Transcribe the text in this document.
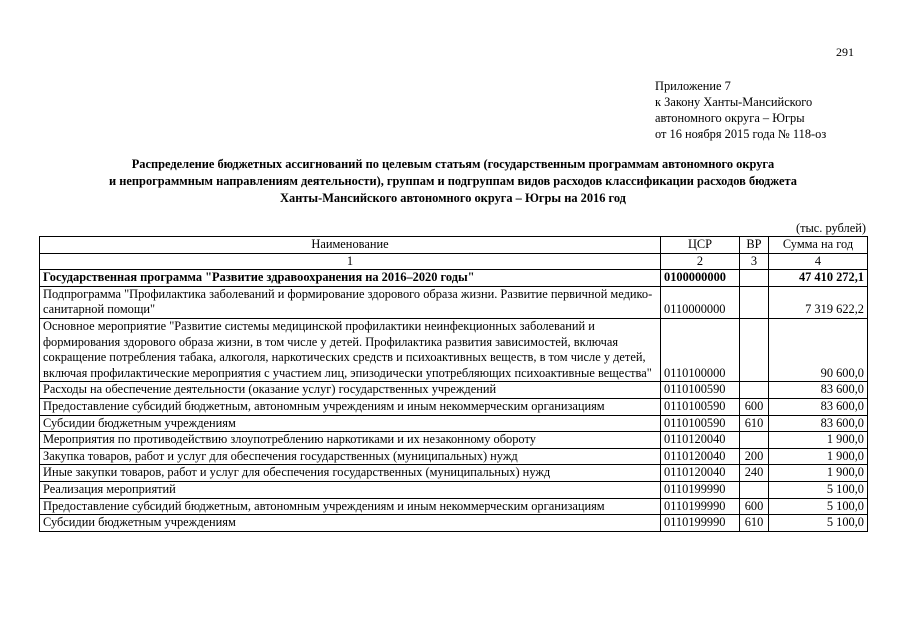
291
Приложение 7
к Закону Ханты-Мансийского
автономного округа – Югры
от 16 ноября 2015 года № 118-оз
Распределение бюджетных ассигнований по целевым статьям (государственным программам автономного округа
и непрограммным направлениям деятельности), группам и подгруппам видов расходов классификации расходов бюджета
Ханты-Мансийского автономного округа – Югры на 2016 год
(тыс. рублей)
Наименование	ЦСР	ВР	Сумма на год
1	2	3	4
Государственная программа "Развитие здравоохранения на 2016–2020 годы"	0100000000		47 410 272,1
Подпрограмма "Профилактика заболеваний и формирование здорового образа жизни. Развитие первичной медико-санитарной помощи"	0110000000		7 319 622,2
Основное мероприятие "Развитие системы медицинской профилактики неинфекционных заболеваний и формирования здорового образа жизни, в том числе у детей. Профилактика развития зависимостей, включая сокращение потребления табака, алкоголя, наркотических средств и психоактивных веществ, в том числе у детей, включая профилактические мероприятия с участием лиц, эпизодически употребляющих психоактивные вещества"	0110100000		90 600,0
Расходы на обеспечение деятельности (оказание услуг) государственных учреждений	0110100590		83 600,0
Предоставление субсидий бюджетным, автономным учреждениям и иным некоммерческим организациям	0110100590	600	83 600,0
Субсидии бюджетным учреждениям	0110100590	610	83 600,0
Мероприятия по противодействию злоупотреблению наркотиками и их незаконному обороту	0110120040		1 900,0
Закупка товаров, работ и услуг для обеспечения государственных (муниципальных) нужд	0110120040	200	1 900,0
Иные закупки товаров, работ и услуг для обеспечения государственных (муниципальных) нужд	0110120040	240	1 900,0
Реализация мероприятий	0110199990		5 100,0
Предоставление субсидий бюджетным, автономным учреждениям и иным некоммерческим организациям	0110199990	600	5 100,0
Субсидии бюджетным учреждениям	0110199990	610	5 100,0
